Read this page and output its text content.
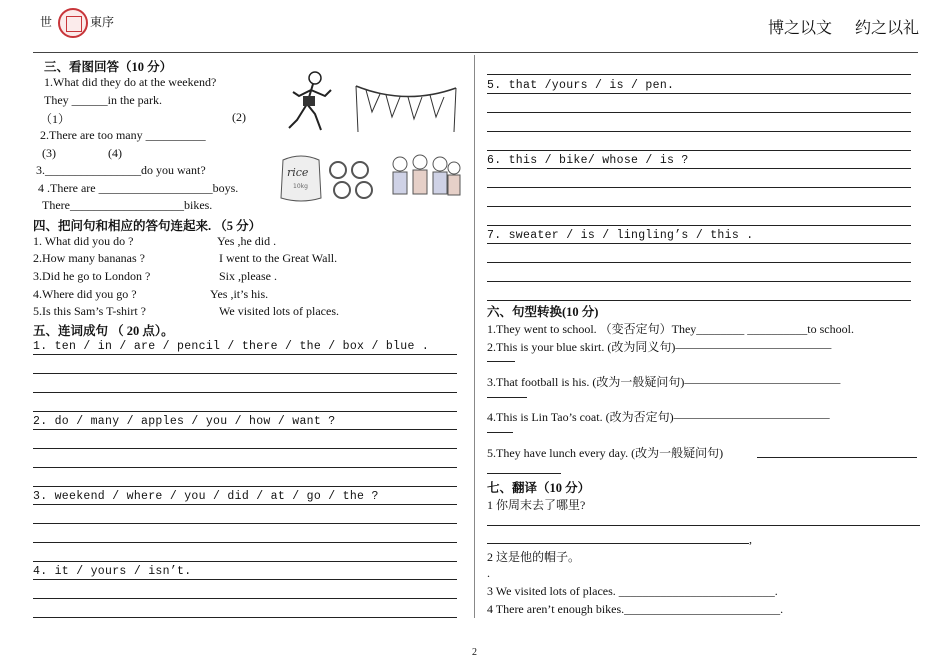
世	東序	博之以文 约之以礼
三、看图回答（10 分）
1.What did they do at the weekend?
They ______in the park.
（1）	(2)
2.There are too many __________
(3)	(4)
3.________________do you want?
4 .There are ___________________boys.
There___________________bikes.
rice
10kg
四、把问句和相应的答句连起来. （5 分）
1. What did you do ?	Yes ,he did .
2.How many bananas ?	I went to the Great Wall.
3.Did he go to London ?	Six ,please .
4.Where did you go ?	Yes ,it’s his.
5.Is this Sam’s T-shirt ?	We visited lots of places.
五、连词成句 （ 20 点）。
1. ten / in / are / pencil / there / the / box / blue .
2. do / many / apples / you / how / want ?
3. weekend / where / you / did / at / go / the ?
4. it / yours / isn’t.
5. that /yours / is / pen.
6. this / bike/ whose / is ?
7. sweater / is / lingling’s / this .
六、句型转换(10 分)
1.They went to school. （变否定句）They________ __________to school.
2.This is your blue skirt. (改为同义句)—————————————
3.That football is his. (改为一般疑问句)—————————————
4.This is Lin Tao’s coat. (改为否定句)—————————————
5.They have lunch every day. (改为一般疑问句)
七、翻译（10 分）
1 你周末去了哪里?
,
2 这是他的帽子。
.
3 We visited lots of places. __________________________.
4 There aren’t enough bikes.__________________________.
2
